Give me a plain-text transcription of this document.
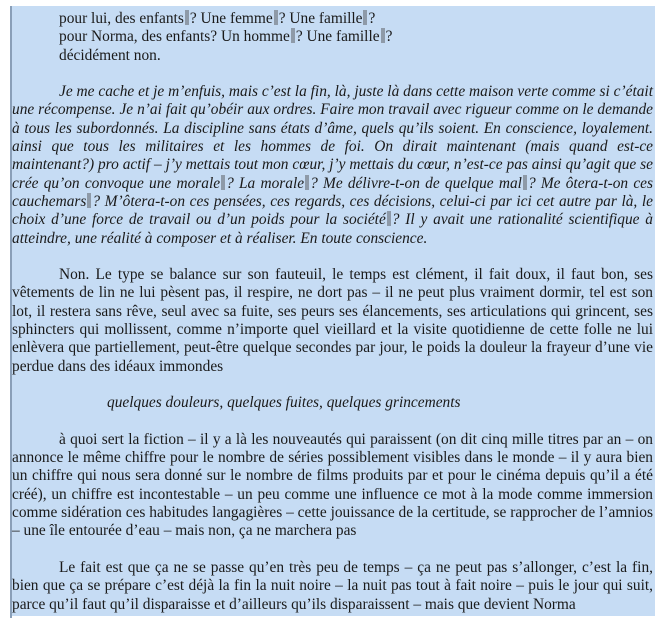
pour lui, des enfants ? Une femme ? Une famille ?
pour Norma, des enfants? Un homme ? Une famille ?
décidément non.

Je me cache et je m’enfuis, mais c’est la fin, là, juste là dans cette maison verte comme si c’était une récompense. Je n’ai fait qu’obéir aux ordres. Faire mon travail avec rigueur comme on le demande à tous les subordonnés. La discipline sans états d’âme, quels qu’ils soient. En conscience, loyalement. ainsi que tous les militaires et les hommes de foi. On dirait maintenant (mais quand est-ce maintenant?) pro actif – j’y mettais tout mon cœur, j’y mettais du cœur, n’est-ce pas ainsi qu’agit que se crée qu’on convoque une morale ? La morale ? Me délivre-t-on de quelque mal ? Me ôtera-t-on ces cauchemars ? M’ôtera-t-on ces pensées, ces regards, ces décisions, celui-ci par ici cet autre par là, le choix d’une force de travail ou d’un poids pour la société ? Il y avait une rationalité scientifique à atteindre, une réalité à composer et à réaliser. En toute conscience.

Non. Le type se balance sur son fauteuil, le temps est clément, il fait doux, il faut bon, ses vêtements de lin ne lui pèsent pas, il respire, ne dort pas – il ne peut plus vraiment dormir, tel est son lot, il restera sans rêve, seul avec sa fuite, ses peurs ses élancements, ses articulations qui grincent, ses sphincters qui mollissent, comme n’importe quel vieillard et la visite quotidienne de cette folle ne lui enlèvera que partiellement, peut-être quelque secondes par jour, le poids la douleur la frayeur d’une vie perdue dans des idéaux immondes

quelques douleurs, quelques fuites, quelques grincements

à quoi sert la fiction – il y a là les nouveautés qui paraissent (on dit cinq mille titres par an – on annonce le même chiffre pour le nombre de séries possiblement visibles dans le monde – il y aura bien un chiffre qui nous sera donné sur le nombre de films produits par et pour le cinéma depuis qu’il a été créé), un chiffre est incontestable – un peu comme une influence ce mot à la mode comme immersion comme sidération ces habitudes langagières – cette jouissance de la certitude, se rapprocher de l’amnios – une île entourée d’eau – mais non, ça ne marchera pas

Le fait est que ça ne se passe qu’en très peu de temps – ça ne peut pas s’allonger, c’est la fin, bien que ça se prépare c’est déjà la fin la nuit noire – la nuit pas tout à fait noire – puis le jour qui suit, parce qu’il faut qu’il disparaisse et d’ailleurs qu’ils disparaissent – mais que devient Norma
